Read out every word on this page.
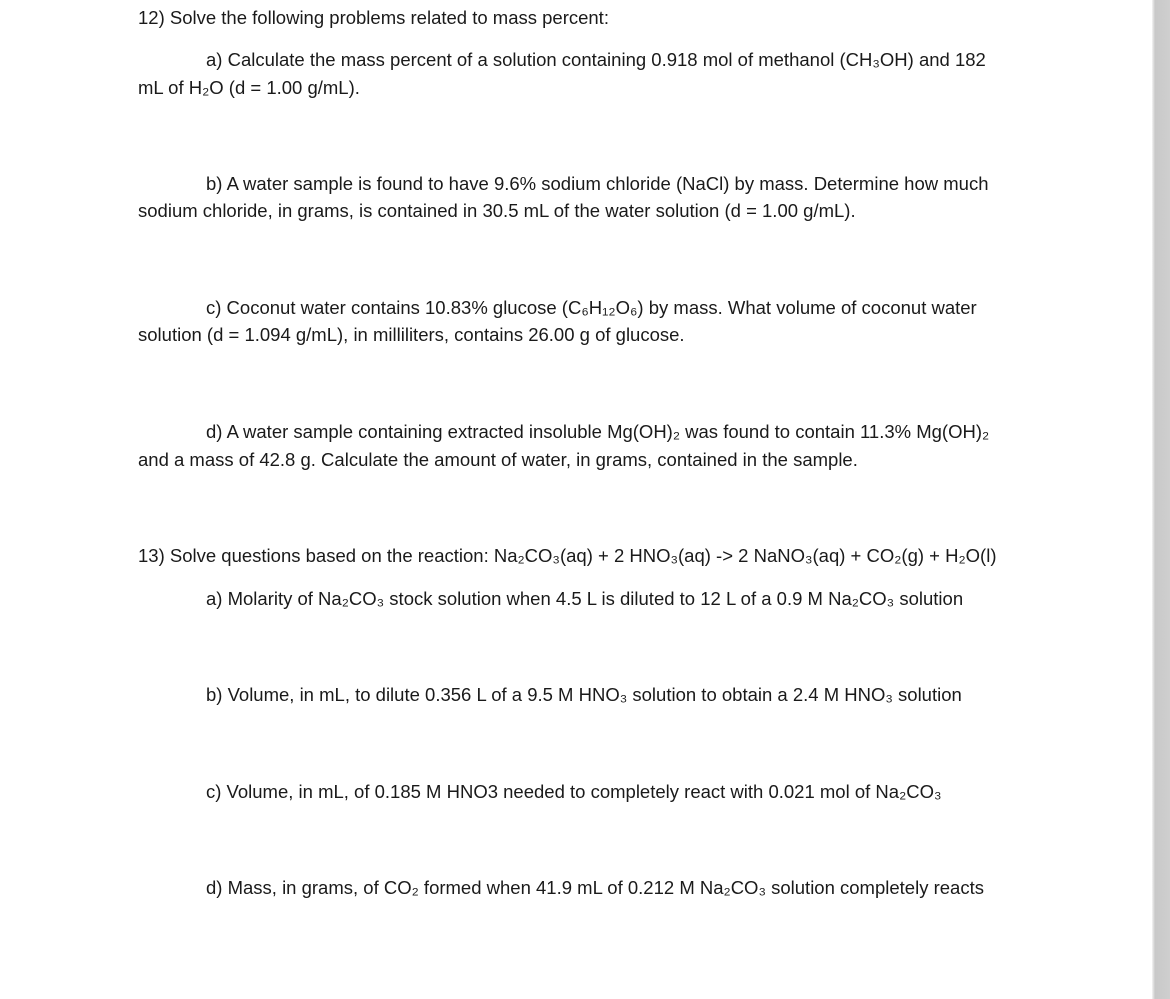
12) Solve the following problems related to mass percent:
a) Calculate the mass percent of a solution containing 0.918 mol of methanol (CH₃OH) and 182
mL of H₂O (d = 1.00 g/mL).
b) A water sample is found to have 9.6% sodium chloride (NaCl) by mass. Determine how much
sodium chloride, in grams, is contained in 30.5 mL of the water solution (d = 1.00 g/mL).
c) Coconut water contains 10.83% glucose (C₆H₁₂O₆) by mass. What volume of coconut water
solution (d = 1.094 g/mL), in milliliters, contains 26.00 g of glucose.
d) A water sample containing extracted insoluble Mg(OH)₂ was found to contain 11.3% Mg(OH)₂
and a mass of 42.8 g. Calculate the amount of water, in grams, contained in the sample.
13) Solve questions based on the reaction: Na₂CO₃(aq) + 2 HNO₃(aq) -> 2 NaNO₃(aq) + CO₂(g) + H₂O(l)
a) Molarity of Na₂CO₃ stock solution when 4.5 L is diluted to 12 L of a 0.9 M Na₂CO₃ solution
b) Volume, in mL, to dilute 0.356 L of a 9.5 M HNO₃ solution to obtain a 2.4 M HNO₃ solution
c) Volume, in mL, of 0.185 M HNO3 needed to completely react with 0.021 mol of Na₂CO₃
d) Mass, in grams, of CO₂ formed when 41.9 mL of 0.212 M Na₂CO₃ solution completely reacts
